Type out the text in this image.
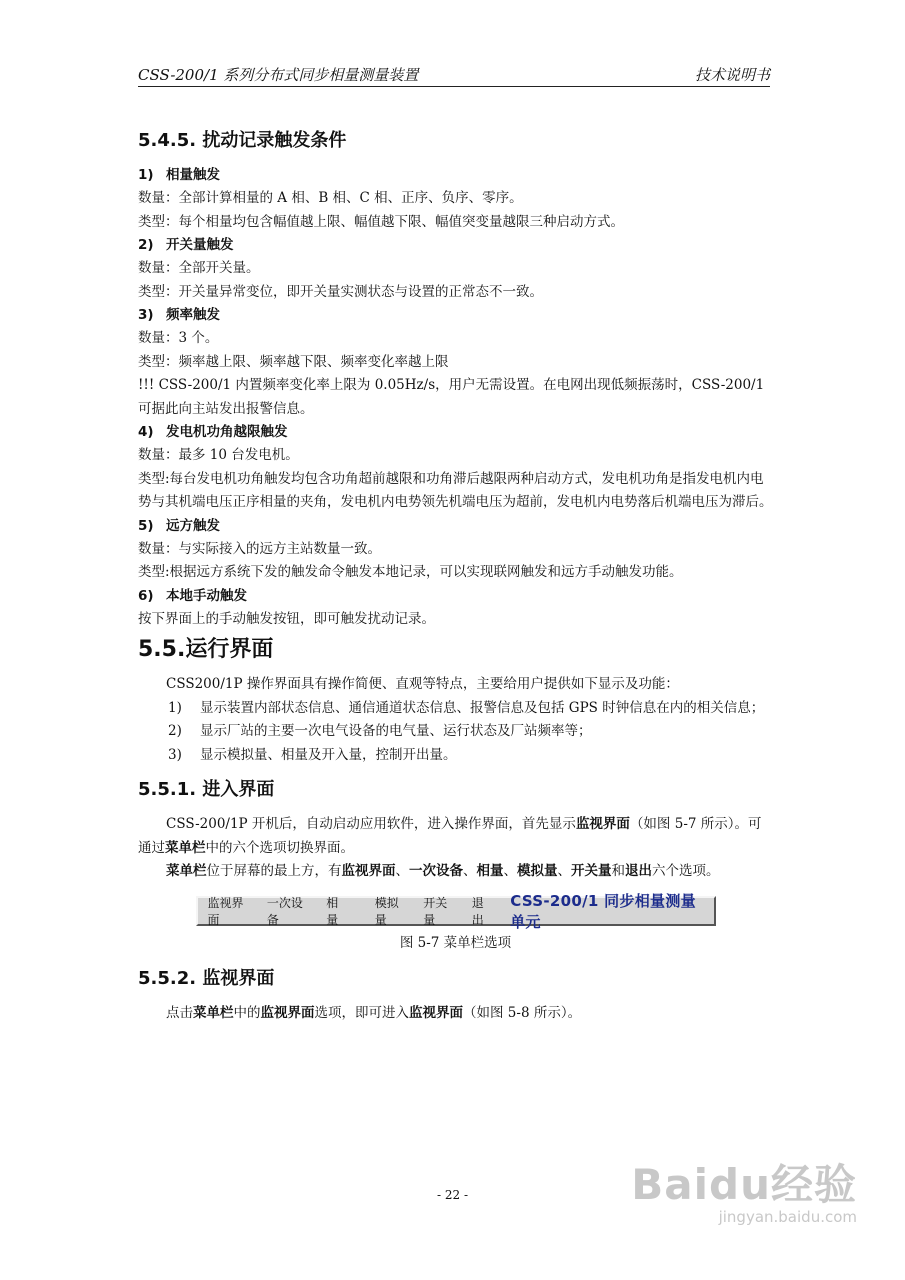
CSS-200/1 系列分布式同步相量测量装置	技术说明书
5.4.5. 扰动记录触发条件
1) 相量触发
数量：全部计算相量的 A 相、B 相、C 相、正序、负序、零序。
类型：每个相量均包含幅值越上限、幅值越下限、幅值突变量越限三种启动方式。
2) 开关量触发
数量：全部开关量。
类型：开关量异常变位，即开关量实测状态与设置的正常态不一致。
3) 频率触发
数量：3 个。
类型：频率越上限、频率越下限、频率变化率越上限
!!! CSS-200/1 内置频率变化率上限为 0.05Hz/s，用户无需设置。在电网出现低频振荡时，CSS-200/1 可据此向主站发出报警信息。
4) 发电机功角越限触发
数量：最多 10 台发电机。
类型:每台发电机功角触发均包含功角超前越限和功角滞后越限两种启动方式，发电机功角是指发电机内电势与其机端电压正序相量的夹角，发电机内电势领先机端电压为超前，发电机内电势落后机端电压为滞后。
5) 远方触发
数量：与实际接入的远方主站数量一致。
类型:根据远方系统下发的触发命令触发本地记录，可以实现联网触发和远方手动触发功能。
6) 本地手动触发
按下界面上的手动触发按钮，即可触发扰动记录。
5.5.运行界面
CSS200/1P 操作界面具有操作简便、直观等特点，主要给用户提供如下显示及功能：
1) 显示装置内部状态信息、通信通道状态信息、报警信息及包括 GPS 时钟信息在内的相关信息；
2) 显示厂站的主要一次电气设备的电气量、运行状态及厂站频率等；
3) 显示模拟量、相量及开入量，控制开出量。
5.5.1. 进入界面
CSS-200/1P 开机后，自动启动应用软件，进入操作界面，首先显示监视界面（如图 5-7 所示）。可通过菜单栏中的六个选项切换界面。
菜单栏位于屏幕的最上方，有监视界面、一次设备、相量、模拟量、开关量和退出六个选项。
监视界面
一次设备
相　量
模拟量
开关量
退　出
CSS-200/1 同步相量测量单元
图 5-7 菜单栏选项
5.5.2. 监视界面
点击菜单栏中的监视界面选项，即可进入监视界面（如图 5-8 所示）。
- 22 -	Baidu经验
jingyan.baidu.com
